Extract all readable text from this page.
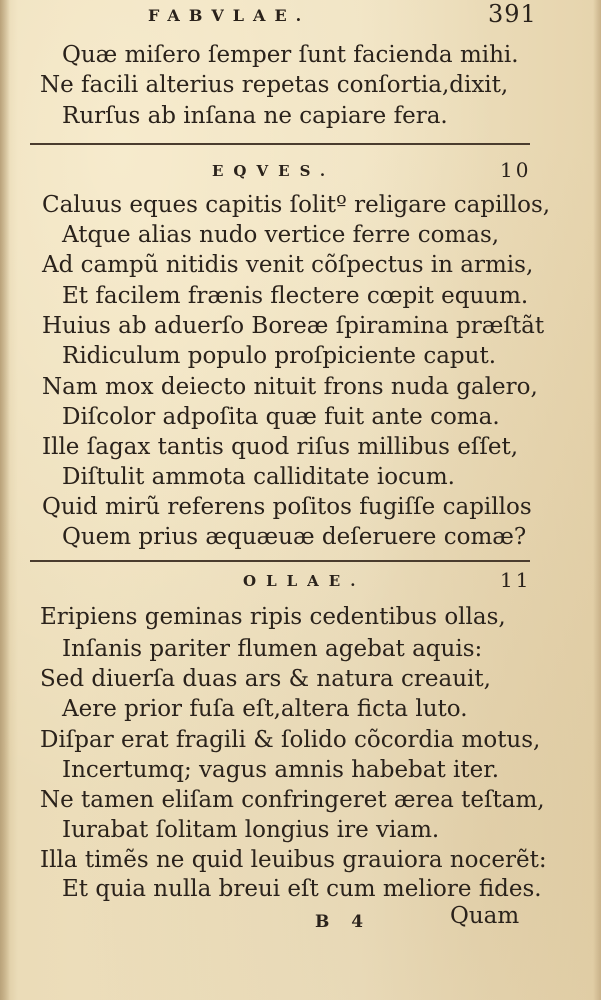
FABVLAE.	391
Quæ miſero ſemper ſunt facienda mihi.
Ne facili alterius repetas conſortia,dixit,
Rurſus ab inſana ne capiare fera.
EQVES.	10
Caluus eques capitis ſolitº religare capillos,
Atque alias nudo vertice ferre comas,
Ad campũ nitidis venit cõſpectus in armis,
Et facilem frænis flectere cœpit equum.
Huius ab aduerſo Boreæ ſpiramina præſtãt
Ridiculum populo proſpiciente caput.
Nam mox deiecto nituit frons nuda galero,
Diſcolor adpoſita quæ fuit ante coma.
Ille ſagax tantis quod riſus millibus eſſet,
Diſtulit ammota calliditate iocum.
Quid mirũ referens poſitos fugiſſe capillos
Quem prius æquæuæ deſeruere comæ?
OLLAE.	11
Eripiens geminas ripis cedentibus ollas,
Inſanis pariter flumen agebat aquis:
Sed diuerſa duas ars & natura creauit,
Aere prior fuſa eſt,altera ficta luto.
Diſpar erat fragili & ſolido cõcordia motus,
Incertumq; vagus amnis habebat iter.
Ne tamen eliſam confringeret ærea teſtam,
Iurabat ſolitam longius ire viam.
Illa timẽs ne quid leuibus grauiora nocerẽt:
Et quia nulla breui eſt cum meliore fides.
B 4	Quam
